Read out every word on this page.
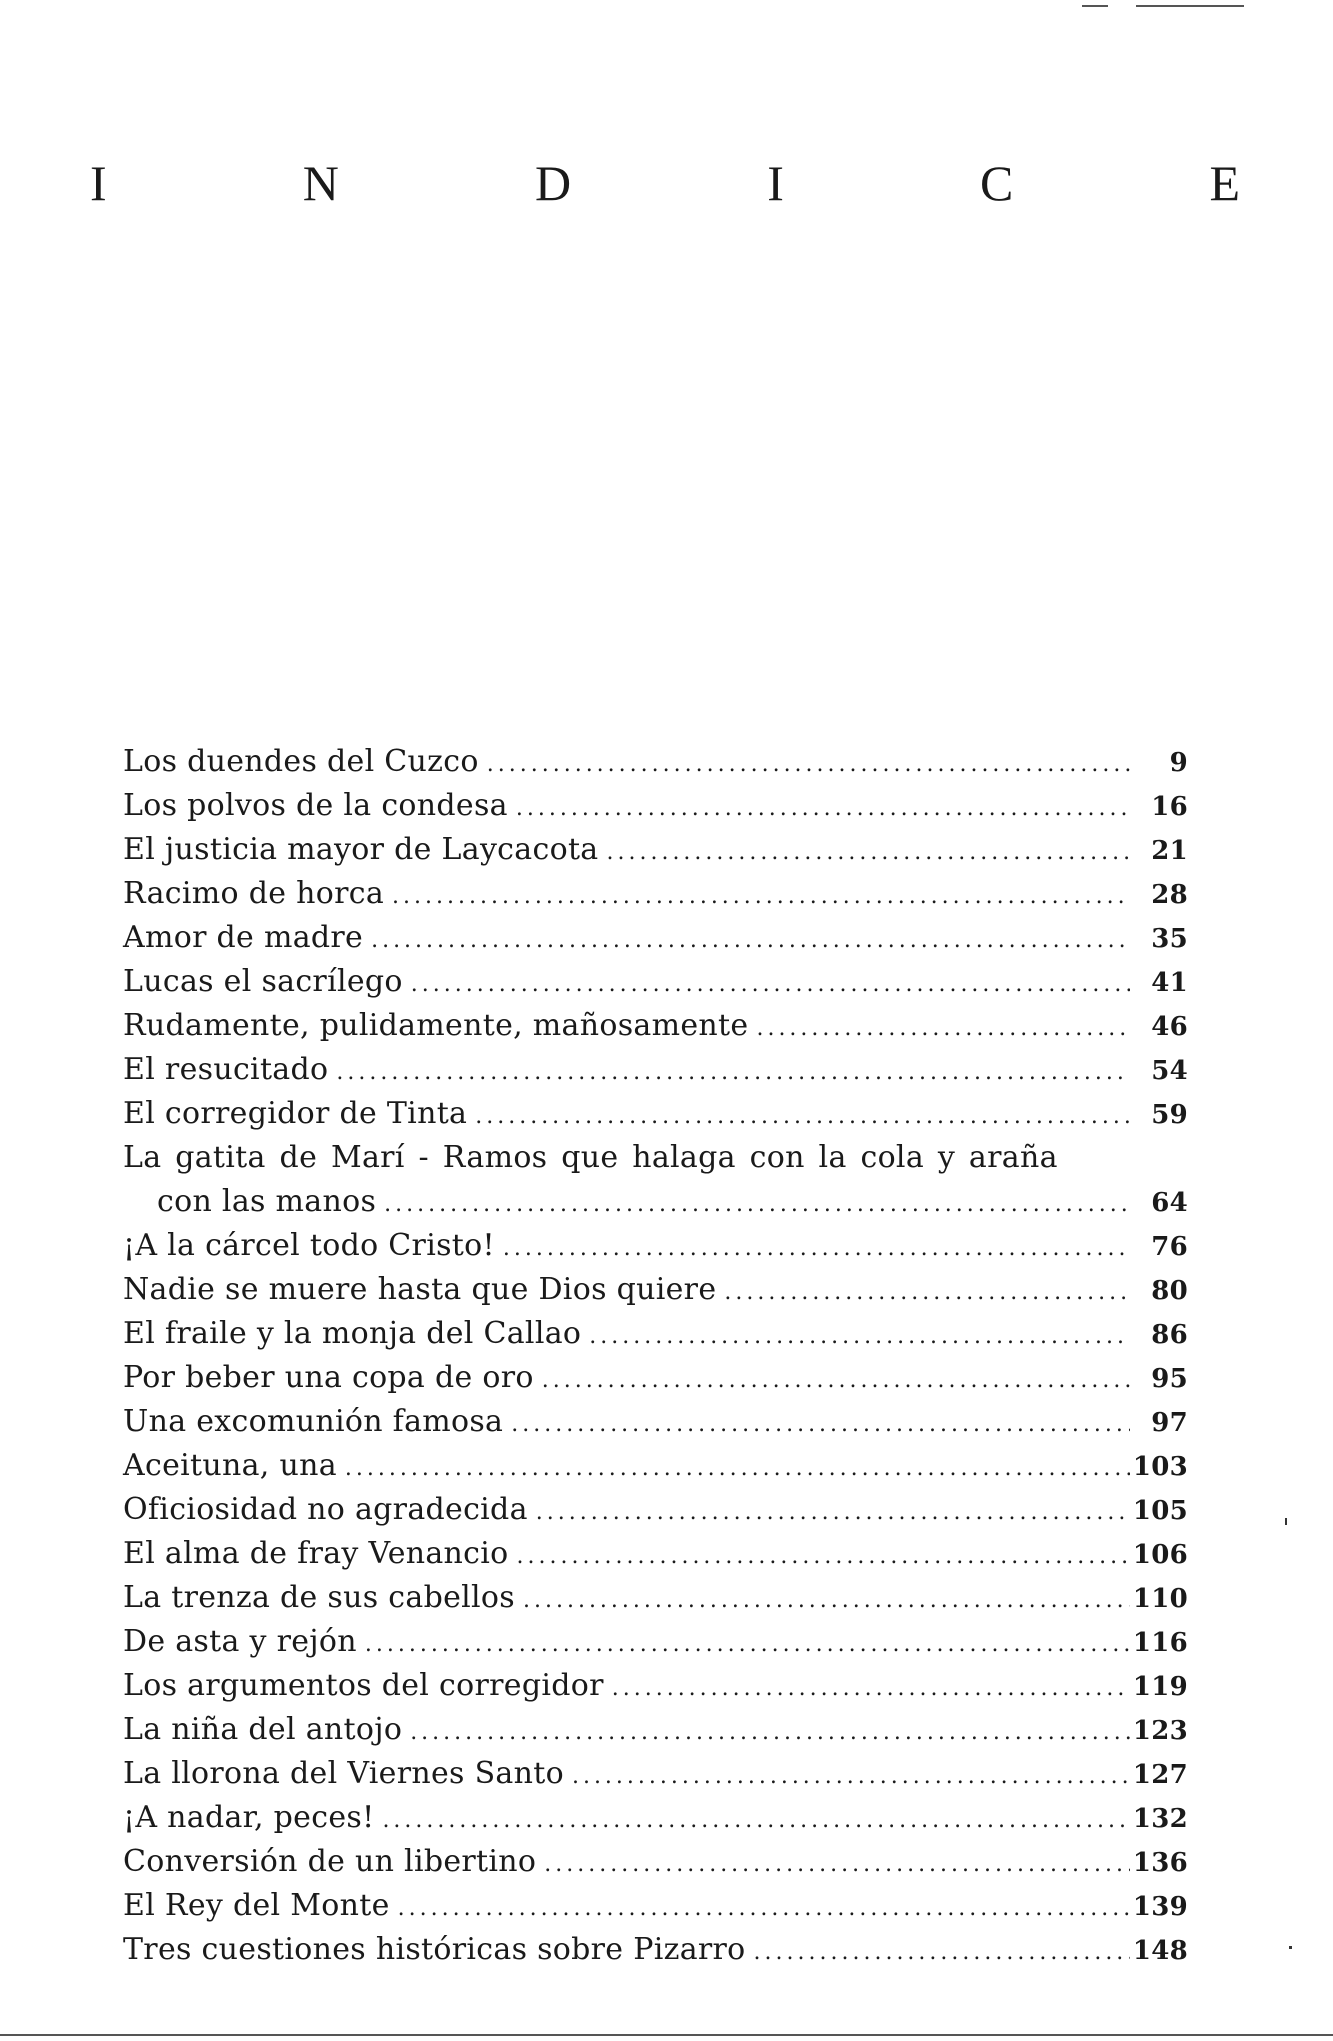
I	N	D	I	C	E
Los duendes del Cuzco .....	9
Los polvos de la condesa .....	16
El justicia mayor de Laycacota .....	21
Racimo de horca .....	28
Amor de madre .....	35
Lucas el sacrílego .....	41
Rudamente, pulidamente, mañosamente .....	46
El resucitado .....	54
El corregidor de Tinta .....	59
La gatita de Marí - Ramos que halaga con la cola y araña
con las manos .....	64
¡A la cárcel todo Cristo! .....	76
Nadie se muere hasta que Dios quiere .....	80
El fraile y la monja del Callao .....	86
Por beber una copa de oro .....	95
Una excomunión famosa .....	97
Aceituna, una .....	103
Oficiosidad no agradecida .....	105
El alma de fray Venancio .....	106
La trenza de sus cabellos .....	110
De asta y rejón .....	116
Los argumentos del corregidor .....	119
La niña del antojo .....	123
La llorona del Viernes Santo .....	127
¡A nadar, peces! .....	132
Conversión de un libertino .....	136
El Rey del Monte .....	139
Tres cuestiones históricas sobre Pizarro .....	148
